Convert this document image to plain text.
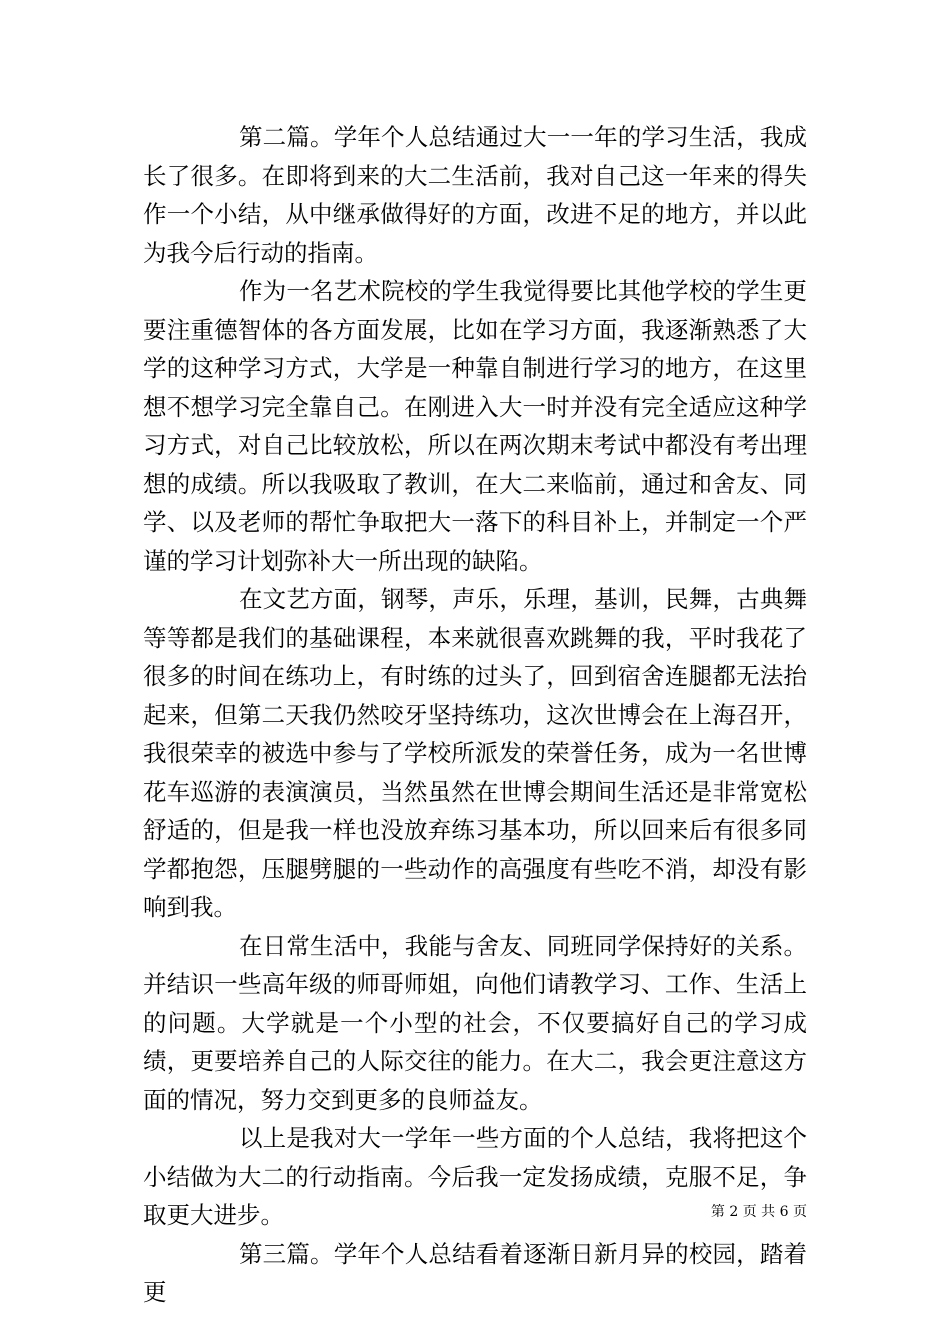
第二篇。学年个人总结通过大一一年的学习生活，我成长了很多。在即将到来的大二生活前，我对自己这一年来的得失作一个小结，从中继承做得好的方面，改进不足的地方，并以此为我今后行动的指南。

作为一名艺术院校的学生我觉得要比其他学校的学生更要注重德智体的各方面发展，比如在学习方面，我逐渐熟悉了大学的这种学习方式，大学是一种靠自制进行学习的地方，在这里想不想学习完全靠自己。在刚进入大一时并没有完全适应这种学习方式，对自己比较放松，所以在两次期末考试中都没有考出理想的成绩。所以我吸取了教训，在大二来临前，通过和舍友、同学、以及老师的帮忙争取把大一落下的科目补上，并制定一个严谨的学习计划弥补大一所出现的缺陷。

在文艺方面，钢琴，声乐，乐理，基训，民舞，古典舞等等都是我们的基础课程，本来就很喜欢跳舞的我，平时我花了很多的时间在练功上，有时练的过头了，回到宿舍连腿都无法抬起来，但第二天我仍然咬牙坚持练功，这次世博会在上海召开，我很荣幸的被选中参与了学校所派发的荣誉任务，成为一名世博花车巡游的表演演员，当然虽然在世博会期间生活还是非常宽松舒适的，但是我一样也没放弃练习基本功，所以回来后有很多同学都抱怨，压腿劈腿的一些动作的高强度有些吃不消，却没有影响到我。

在日常生活中，我能与舍友、同班同学保持好的关系。并结识一些高年级的师哥师姐，向他们请教学习、工作、生活上的问题。大学就是一个小型的社会，不仅要搞好自己的学习成绩，更要培养自己的人际交往的能力。在大二，我会更注意这方面的情况，努力交到更多的良师益友。

以上是我对大一学年一些方面的个人总结，我将把这个小结做为大二的行动指南。今后我一定发扬成绩，克服不足，争取更大进步。

第三篇。学年个人总结看着逐渐日新月异的校园，踏着更

第 2 页 共 6 页
